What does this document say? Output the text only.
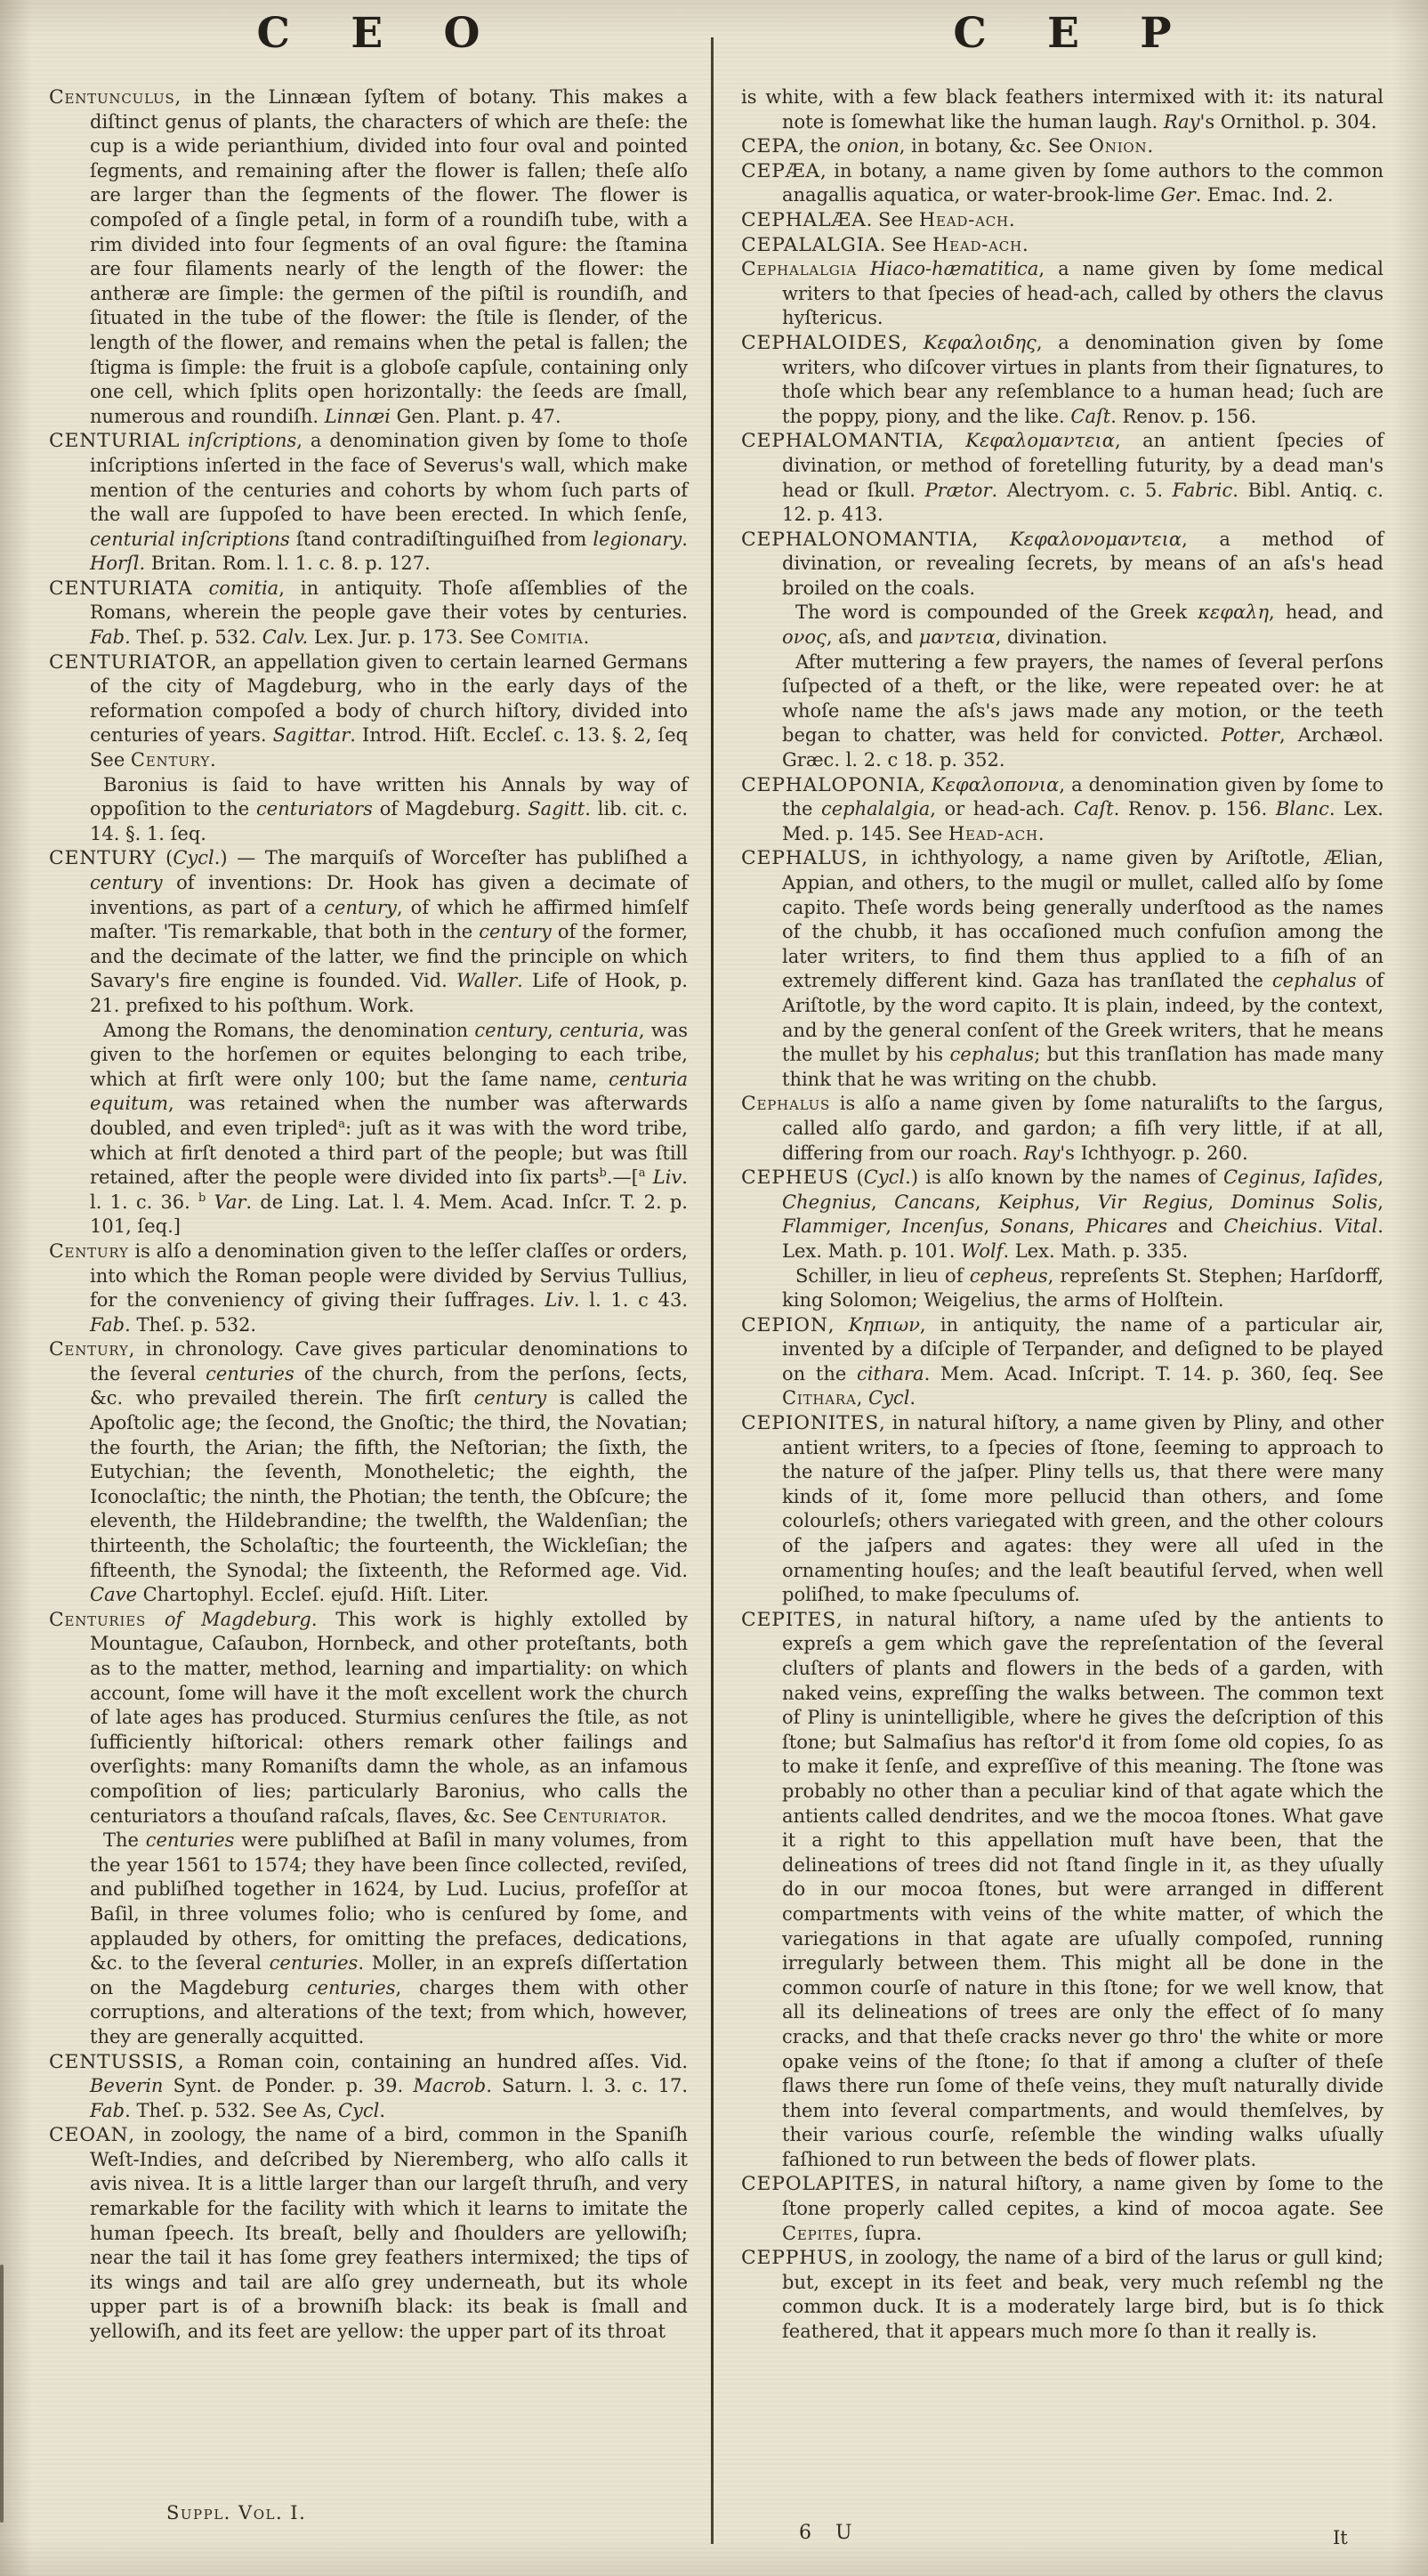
C E O	C E P

Centunculus, in the Linnæan ſyſtem of botany. This makes a diſtinct genus of plants, the characters of which are theſe: the cup is a wide perianthium, divided into four oval and pointed ſegments, and remaining after the flower is fallen; theſe alſo are larger than the ſegments of the flower. The flower is compoſed of a ſingle petal, in form of a roundiſh tube, with a rim divided into four ſegments of an oval figure: the ſtamina are four filaments nearly of the length of the flower: the antheræ are ſimple: the germen of the piſtil is roundiſh, and ſituated in the tube of the flower: the ſtile is ſlender, of the length of the flower, and remains when the petal is fallen; the ſtigma is ſimple: the fruit is a globoſe capſule, containing only one cell, which ſplits open horizontally: the ſeeds are ſmall, numerous and roundiſh. Linnæi Gen. Plant. p. 47.

CENTURIAL inſcriptions, a denomination given by ſome to thoſe inſcriptions inſerted in the face of Severus's wall, which make mention of the centuries and cohorts by whom ſuch parts of the wall are ſuppoſed to have been erected. In which ſenſe, centurial inſcriptions ſtand contradiſtinguiſhed from legionary. Horſl. Britan. Rom. l. 1. c. 8. p. 127.

CENTURIATA comitia, in antiquity. Thoſe aſſemblies of the Romans, wherein the people gave their votes by centuries. Fab. Theſ. p. 532. Calv. Lex. Jur. p. 173. See Comitia.

CENTURIATOR, an appellation given to certain learned Germans of the city of Magdeburg, who in the early days of the reformation compoſed a body of church hiſtory, divided into centuries of years. Sagittar. Introd. Hiſt. Eccleſ. c. 13. §. 2, ſeq See Century.

Baronius is ſaid to have written his Annals by way of oppoſition to the centuriators of Magdeburg. Sagitt. lib. cit. c. 14. §. 1. ſeq.

CENTURY (Cycl.) — The marquiſs of Worceſter has publiſhed a century of inventions: Dr. Hook has given a decimate of inventions, as part of a century, of which he affirmed himſelf maſter. 'Tis remarkable, that both in the century of the former, and the decimate of the latter, we find the principle on which Savary's fire engine is founded. Vid. Waller. Life of Hook, p. 21. prefixed to his poſthum. Work.

Among the Romans, the denomination century, centuria, was given to the horſemen or equites belonging to each tribe, which at firſt were only 100; but the ſame name, centuria equitum, was retained when the number was afterwards doubled, and even tripled$^a$: juſt as it was with the word tribe, which at firſt denoted a third part of the people; but was ſtill retained, after the people were divided into ſix parts$^b$.—[$^a$ Liv. l. 1. c. 36. $^b$ Var. de Ling. Lat. l. 4. Mem. Acad. Inſcr. T. 2. p. 101, ſeq.]

Century is alſo a denomination given to the leſſer claſſes or orders, into which the Roman people were divided by Servius Tullius, for the conveniency of giving their ſuffrages. Liv. l. 1. c 43. Fab. Theſ. p. 532.

Century, in chronology. Cave gives particular denominations to the ſeveral centuries of the church, from the perſons, ſects, &c. who prevailed therein. The firſt century is called the Apoſtolic age; the ſecond, the Gnoſtic; the third, the Novatian; the fourth, the Arian; the fifth, the Neſtorian; the ſixth, the Eutychian; the ſeventh, Monotheletic; the eighth, the Iconoclaſtic; the ninth, the Photian; the tenth, the Obſcure; the eleventh, the Hildebrandine; the twelfth, the Waldenſian; the thirteenth, the Scholaſtic; the fourteenth, the Wickleſian; the fifteenth, the Synodal; the ſixteenth, the Reformed age. Vid. Cave Chartophyl. Eccleſ. ejuſd. Hiſt. Liter.

Centuries of Magdeburg. This work is highly extolled by Mountague, Caſaubon, Hornbeck, and other proteſtants, both as to the matter, method, learning and impartiality: on which account, ſome will have it the moſt excellent work the church of late ages has produced. Sturmius cenſures the ſtile, as not ſufficiently hiſtorical: others remark other failings and overſights: many Romaniſts damn the whole, as an infamous compoſition of lies; particularly Baronius, who calls the centuriators a thouſand raſcals, ſlaves, &c. See Centuriator.

The centuries were publiſhed at Baſil in many volumes, from the year 1561 to 1574; they have been ſince collected, reviſed, and publiſhed together in 1624, by Lud. Lucius, profeſſor at Baſil, in three volumes folio; who is cenſured by ſome, and applauded by others, for omitting the prefaces, dedications, &c. to the ſeveral centuries. Moller, in an expreſs diſſertation on the Magdeburg centuries, charges them with other corruptions, and alterations of the text; from which, however, they are generally acquitted.

CENTUSSIS, a Roman coin, containing an hundred aſſes. Vid. Beverin Synt. de Ponder. p. 39. Macrob. Saturn. l. 3. c. 17. Fab. Theſ. p. 532. See As, Cycl.

CEOAN, in zoology, the name of a bird, common in the Spaniſh Weſt-Indies, and deſcribed by Nieremberg, who alſo calls it avis nivea. It is a little larger than our largeſt thruſh, and very remarkable for the facility with which it learns to imitate the human ſpeech. Its breaſt, belly and ſhoulders are yellowiſh; near the tail it has ſome grey feathers intermixed; the tips of its wings and tail are alſo grey underneath, but its whole upper part is of a browniſh black: its beak is ſmall and yellowiſh, and its feet are yellow: the upper part of its throat

is white, with a few black feathers intermixed with it: its natural note is ſomewhat like the human laugh. Ray's Ornithol. p. 304.

CEPA, the onion, in botany, &c. See Onion.

CEPÆA, in botany, a name given by ſome authors to the common anagallis aquatica, or water-brook-lime Ger. Emac. Ind. 2.

CEPHALÆA. See Head-ach.

CEPALALGIA. See Head-ach.

Cephalalgia Hiaco-hæmatitica, a name given by ſome medical writers to that ſpecies of head-ach, called by others the clavus hyſtericus.

CEPHALOIDES, Κεφαλοιδης, a denomination given by ſome writers, who diſcover virtues in plants from their ſignatures, to thoſe which bear any reſemblance to a human head; ſuch are the poppy, piony, and the like. Caſt. Renov. p. 156.

CEPHALOMANTIA, Κεφαλομαντεια, an antient ſpecies of divination, or method of foretelling futurity, by a dead man's head or ſkull. Prætor. Alectryom. c. 5. Fabric. Bibl. Antiq. c. 12. p. 413.

CEPHALONOMANTIA, Κεφαλονομαντεια, a method of divination, or revealing ſecrets, by means of an aſs's head broiled on the coals.

The word is compounded of the Greek κεφαλη, head, and ονος, aſs, and μαντεια, divination.

After muttering a few prayers, the names of ſeveral perſons ſuſpected of a theft, or the like, were repeated over: he at whoſe name the aſs's jaws made any motion, or the teeth began to chatter, was held for convicted. Potter, Archæol. Græc. l. 2. c 18. p. 352.

CEPHALOPONIA, Κεφαλοπονια, a denomination given by ſome to the cephalalgia, or head-ach. Caſt. Renov. p. 156. Blanc. Lex. Med. p. 145. See Head-ach.

CEPHALUS, in ichthyology, a name given by Ariſtotle, Ælian, Appian, and others, to the mugil or mullet, called alſo by ſome capito. Theſe words being generally underſtood as the names of the chubb, it has occaſioned much confuſion among the later writers, to find them thus applied to a fiſh of an extremely different kind. Gaza has tranſlated the cephalus of Ariſtotle, by the word capito. It is plain, indeed, by the context, and by the general conſent of the Greek writers, that he means the mullet by his cephalus; but this tranſlation has made many think that he was writing on the chubb.

Cephalus is alſo a name given by ſome naturaliſts to the ſargus, called alſo gardo, and gardon; a fiſh very little, if at all, differing from our roach. Ray's Ichthyogr. p. 260.

CEPHEUS (Cycl.) is alſo known by the names of Ceginus, Iaſides, Chegnius, Cancans, Keiphus, Vir Regius, Dominus Solis, Flammiger, Incenſus, Sonans, Phicares and Cheichius. Vital. Lex. Math. p. 101. Wolf. Lex. Math. p. 335.

Schiller, in lieu of cepheus, repreſents St. Stephen; Harſdorff, king Solomon; Weigelius, the arms of Holſtein.

CEPION, Κηπιων, in antiquity, the name of a particular air, invented by a diſciple of Terpander, and deſigned to be played on the cithara. Mem. Acad. Inſcript. T. 14. p. 360, ſeq. See Cithara, Cycl.

CEPIONITES, in natural hiſtory, a name given by Pliny, and other antient writers, to a ſpecies of ſtone, ſeeming to approach to the nature of the jaſper. Pliny tells us, that there were many kinds of it, ſome more pellucid than others, and ſome colourleſs; others variegated with green, and the other colours of the jaſpers and agates: they were all uſed in the ornamenting houſes; and the leaſt beautiful ſerved, when well poliſhed, to make ſpeculums of.

CEPITES, in natural hiſtory, a name uſed by the antients to expreſs a gem which gave the repreſentation of the ſeveral cluſters of plants and flowers in the beds of a garden, with naked veins, expreſſing the walks between. The common text of Pliny is unintelligible, where he gives the deſcription of this ſtone; but Salmaſius has reſtor'd it from ſome old copies, ſo as to make it ſenſe, and expreſſive of this meaning. The ſtone was probably no other than a peculiar kind of that agate which the antients called dendrites, and we the mocoa ſtones. What gave it a right to this appellation muſt have been, that the delineations of trees did not ſtand ſingle in it, as they uſually do in our mocoa ſtones, but were arranged in different compartments with veins of the white matter, of which the variegations in that agate are uſually compoſed, running irregularly between them. This might all be done in the common courſe of nature in this ſtone; for we well know, that all its delineations of trees are only the effect of ſo many cracks, and that theſe cracks never go thro' the white or more opake veins of the ſtone; ſo that if among a cluſter of theſe flaws there run ſome of theſe veins, they muſt naturally divide them into ſeveral compartments, and would themſelves, by their various courſe, reſemble the winding walks uſually faſhioned to run between the beds of flower plats.

CEPOLAPITES, in natural hiſtory, a name given by ſome to the ſtone properly called cepites, a kind of mocoa agate. See Cepites, ſupra.

CEPPHUS, in zoology, the name of a bird of the larus or gull kind; but, except in its feet and beak, very much reſembl ng the common duck. It is a moderately large bird, but is ſo thick feathered, that it appears much more ſo than it really is.

Suppl. Vol. I.
6 U	It
